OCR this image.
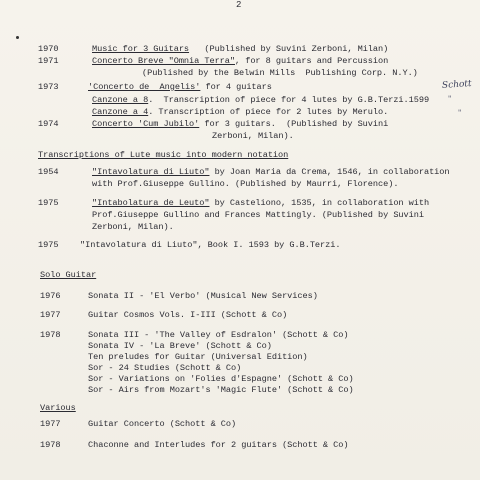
2
1970	Music for 3 Guitars   (Published by Suvini Zerboni, Milan)
1971	Concerto Breve "Omnia Terra", for 8 guitars and Percussion
(Published by the Belwin Mills  Publishing Corp. N.Y.)
1973	'Concerto de  Angelis' for 4 guitars
Canzone a 8.  Transcription of piece for 4 lutes by G.B.Terzi.1599
Canzone a 4. Transcription of piece for 2 lutes by Merulo.
1974	Concerto 'Cum Jubilo' for 3 guitars.  (Published by Suvini
Zerboni, Milan).
Schott
"
"
Transcriptions of Lute music into modern notation
1954	"Intavolatura di Liuto" by Joan Maria da Crema, 1546, in collaboration
with Prof.Giuseppe Gullino. (Published by Maurri, Florence).
1975	"Intabolatura de Leuto" by Casteliono, 1535, in collaboration with
Prof.Giuseppe Gullino and Frances Mattingly. (Published by Suvini
Zerboni, Milan).
1975	"Intavolatura di Liuto", Book I. 1593 by G.B.Terzi.
Solo Guitar
1976	Sonata II - 'El Verbo' (Musical New Services)
1977	Guitar Cosmos Vols. I-III (Schott & Co)
1978	Sonata III - 'The Valley of Esdralon' (Schott & Co)
Sonata IV - 'La Breve' (Schott & Co)
Ten preludes for Guitar (Universal Edition)
Sor - 24 Studies (Schott & Co)
Sor - Variations on 'Folies d'Espagne' (Schott & Co)
Sor - Airs from Mozart's 'Magic Flute' (Schott & Co)
Various
1977	Guitar Concerto (Schott & Co)
1978	Chaconne and Interludes for 2 guitars (Schott & Co)
